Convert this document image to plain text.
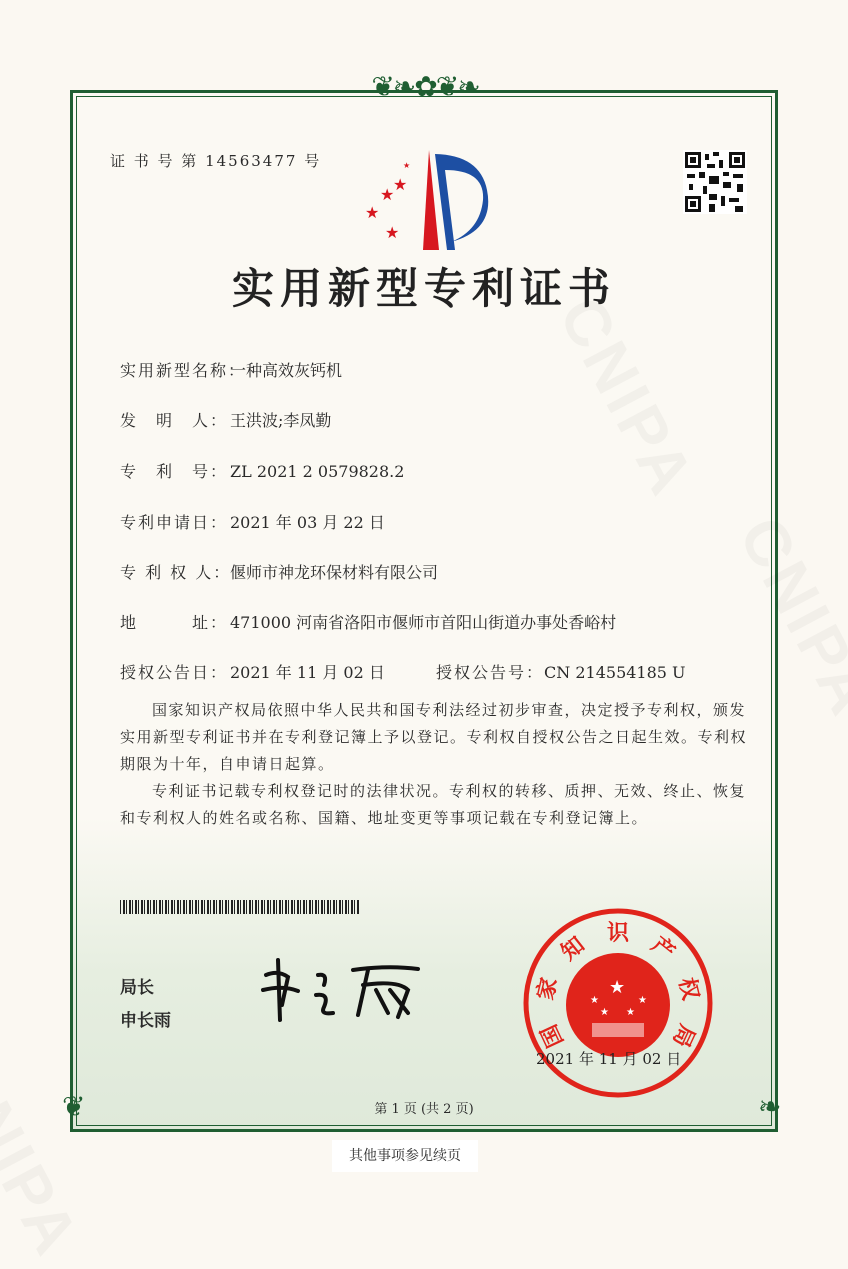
❦❧✿❦❧
❦	❧
证 书 号 第 14563477 号
★
★
★
★
★
实用新型专利证书
实用新型名称：一种高效灰钙机
发　明　人： 王洪波;李凤勤
专　利　号： ZL 2021 2 0579828.2
专利申请日： 2021 年 03 月 22 日
专 利 权 人：偃师市神龙环保材料有限公司
地　　　址： 471000 河南省洛阳市偃师市首阳山街道办事处香峪村
授权公告日： 2021 年 11 月 02 日	授权公告号：CN 214554185 U

国家知识产权局依照中华人民共和国专利法经过初步审查，决定授予专利权，颁发实用新型专利证书并在专利登记簿上予以登记。专利权自授权公告之日起生效。专利权期限为十年，自申请日起算。

专利证书记载专利权登记时的法律状况。专利权的转移、质押、无效、终止、恢复和专利权人的姓名或名称、国籍、地址变更等事项记载在专利登记簿上。

局长
申长雨
★
★	★
★ ★
国
家
知 识 产
权
局
2021 年 11 月 02 日
第 1 页 (共 2 页)
其他事项参见续页
